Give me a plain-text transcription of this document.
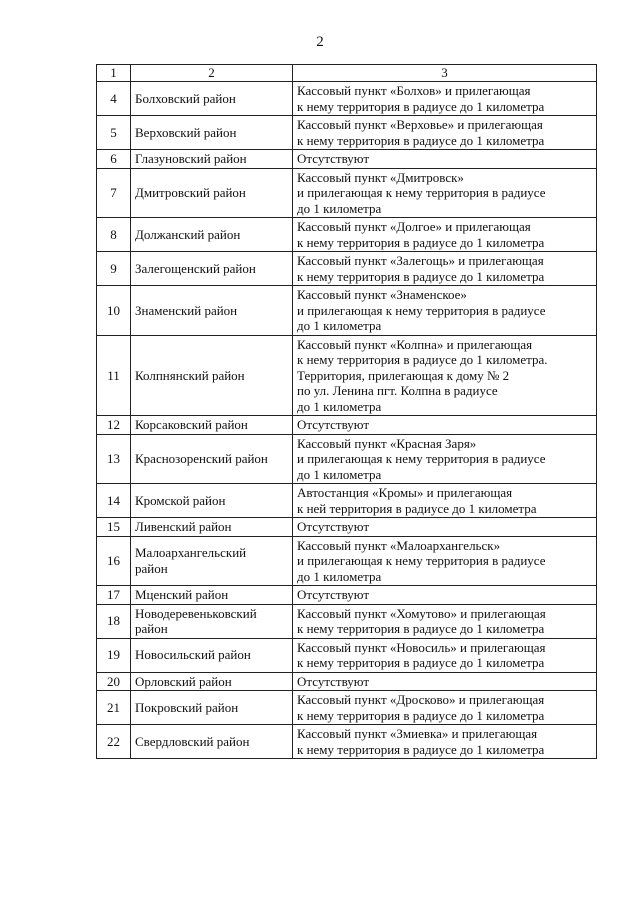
2
1	2	3
4	Болховский район	Кассовый пункт «Болхов» и прилегающая
к нему территория в радиусе до 1 километра
5	Верховский район	Кассовый пункт «Верховье» и прилегающая
к нему территория в радиусе до 1 километра
6	Глазуновский район	Отсутствуют
7	Дмитровский район	Кассовый пункт «Дмитровск»
и прилегающая к нему территория в радиусе
до 1 километра
8	Должанский район	Кассовый пункт «Долгое» и прилегающая
к нему территория в радиусе до 1 километра
9	Залегощенский район	Кассовый пункт «Залегощь» и прилегающая
к нему территория в радиусе до 1 километра
10	Знаменский район	Кассовый пункт «Знаменское»
и прилегающая к нему территория в радиусе
до 1 километра
11	Колпнянский район	Кассовый пункт «Колпна» и прилегающая
к нему территория в радиусе до 1 километра.
Территория, прилегающая к дому № 2
по ул. Ленина пгт. Колпна в радиусе
до 1 километра
12	Корсаковский район	Отсутствуют
13	Краснозоренский район	Кассовый пункт «Красная Заря»
и прилегающая к нему территория в радиусе
до 1 километра
14	Кромской район	Автостанция «Кромы» и прилегающая
к ней территория в радиусе до 1 километра
15	Ливенский район	Отсутствуют
16	Малоархангельский
район	Кассовый пункт «Малоархангельск»
и прилегающая к нему территория в радиусе
до 1 километра
17	Мценский район	Отсутствуют
18	Новодеревеньковский
район	Кассовый пункт «Хомутово» и прилегающая
к нему территория в радиусе до 1 километра
19	Новосильский район	Кассовый пункт «Новосиль» и прилегающая
к нему территория в радиусе до 1 километра
20	Орловский район	Отсутствуют
21	Покровский район	Кассовый пункт «Дросково» и прилегающая
к нему территория в радиусе до 1 километра
22	Свердловский район	Кассовый пункт «Змиевка» и прилегающая
к нему территория в радиусе до 1 километра
